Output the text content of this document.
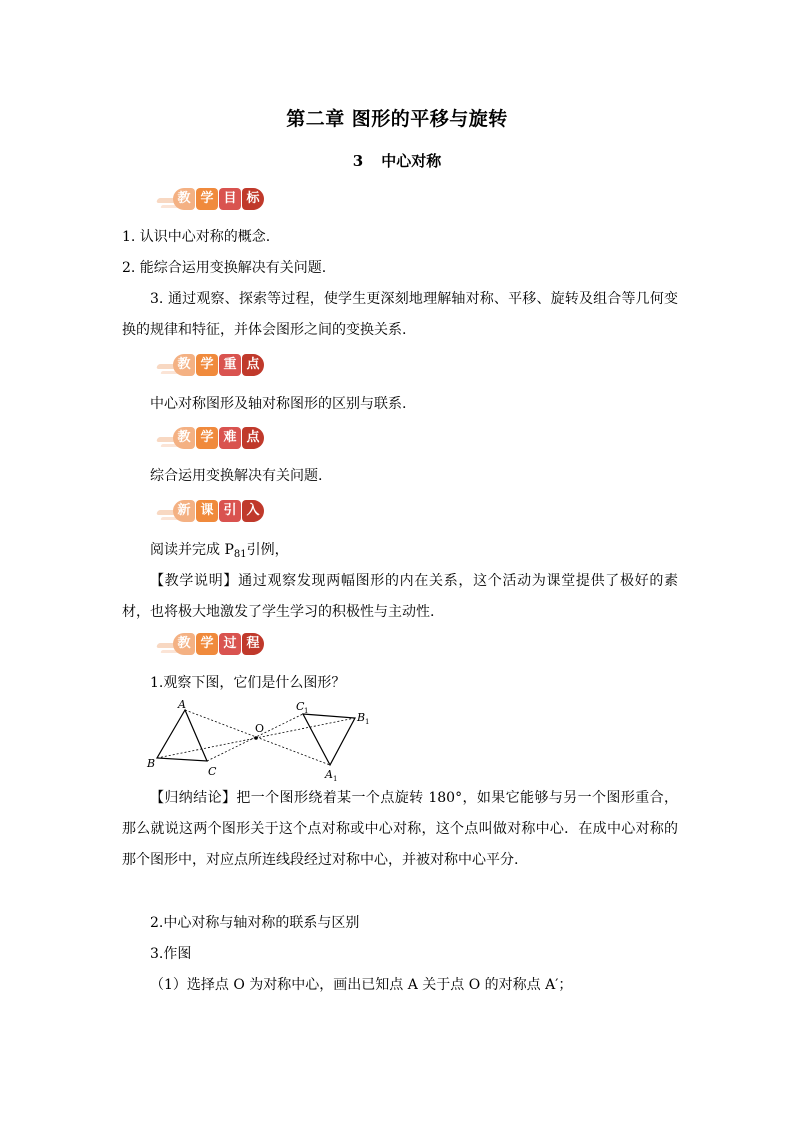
第二章 图形的平移与旋转
3 中心对称
教 学 目 标
1. 认识中心对称的概念.
2. 能综合运用变换解决有关问题.
3. 通过观察、探索等过程，使学生更深刻地理解轴对称、平移、旋转及组合等几何变换的规律和特征，并体会图形之间的变换关系.
教 学 重 点
中心对称图形及轴对称图形的区别与联系.
教 学 难 点
综合运用变换解决有关问题.
新 课 引 入
阅读并完成 $P_{81}$引例，
【教学说明】通过观察发现两幅图形的内在关系，这个活动为课堂提供了极好的素材，也将极大地激发了学生学习的积极性与主动性.
教 学 过 程
1.观察下图，它们是什么图形？
A
B
C
O
C 1	B 1
A 1
【归纳结论】把一个图形绕着某一个点旋转 180°，如果它能够与另一个图形重合，那么就说这两个图形关于这个点对称或中心对称，这个点叫做对称中心．在成中心对称的那个图形中，对应点所连线段经过对称中心，并被对称中心平分.
2.中心对称与轴对称的联系与区别
3.作图
（1）选择点 O 为对称中心，画出已知点 A 关于点 O 的对称点 A′；
